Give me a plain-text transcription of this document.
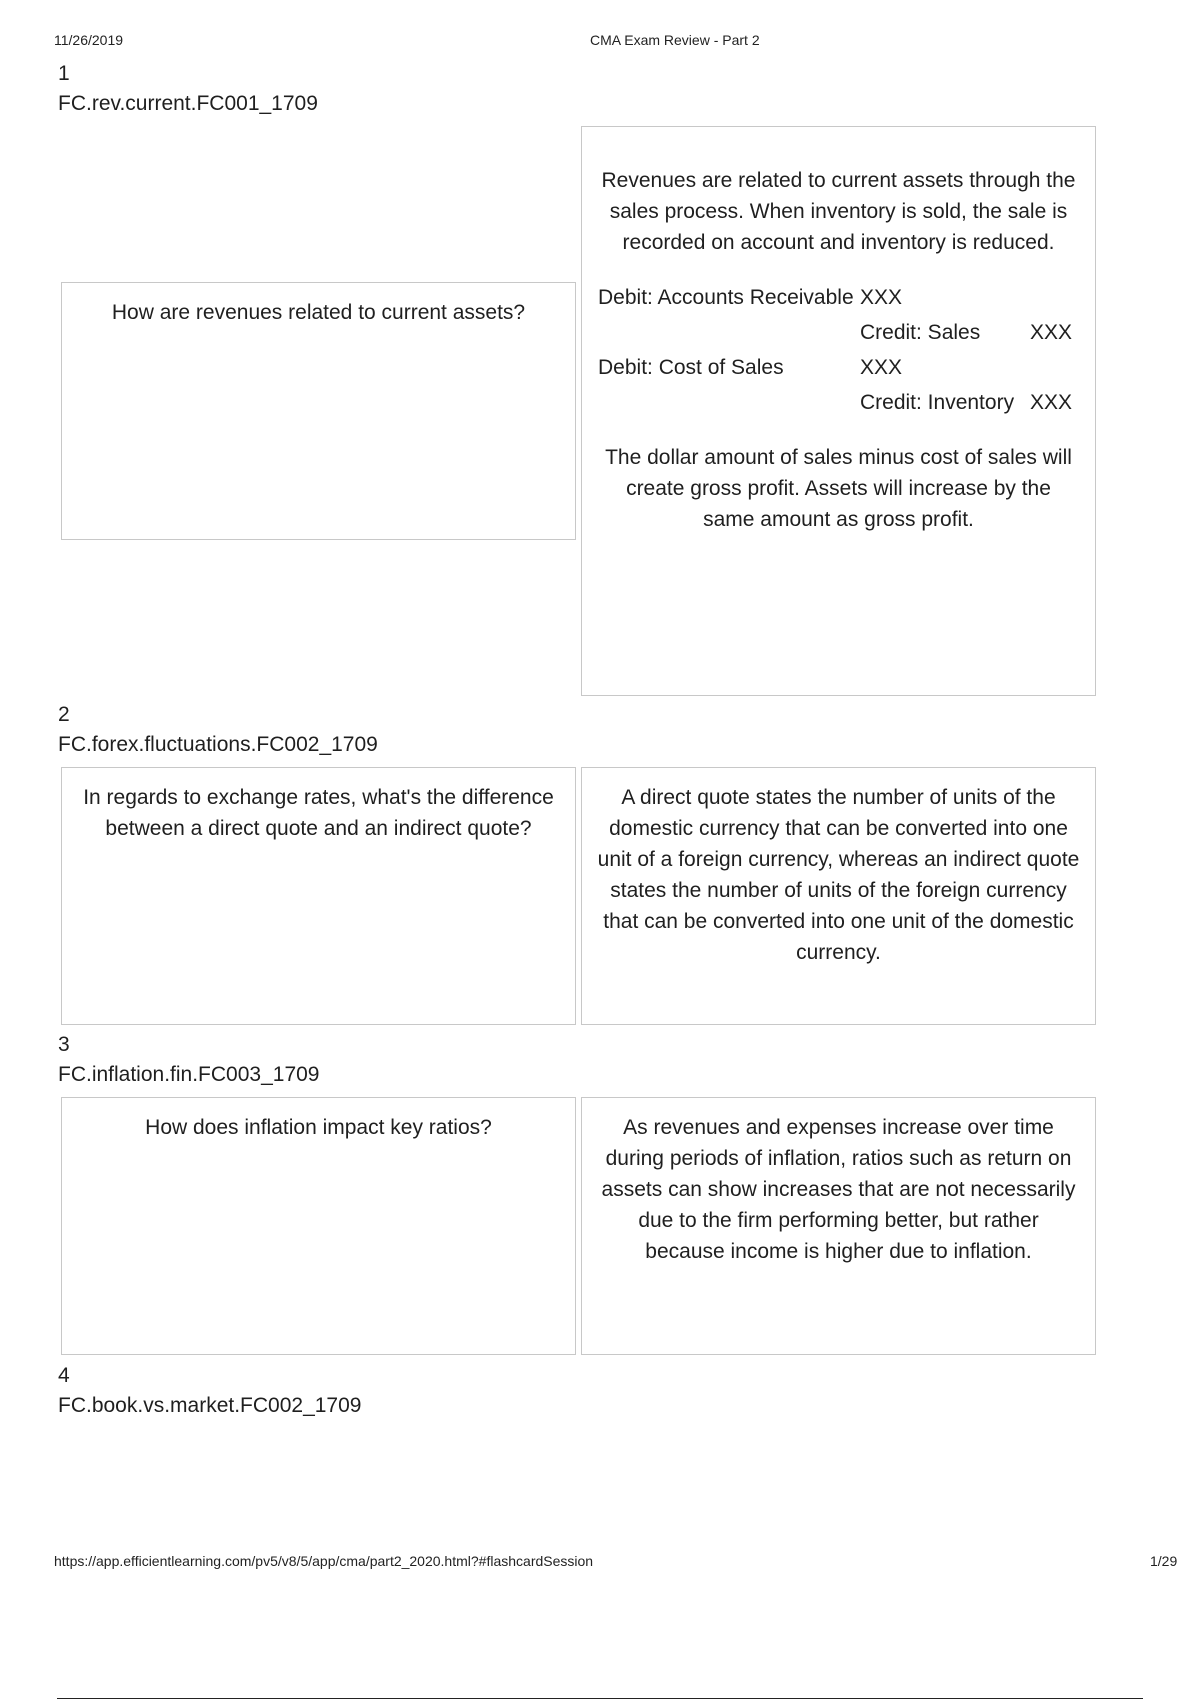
11/26/2019	CMA Exam Review - Part 2
1
FC.rev.current.FC001_1709

How are revenues related to current assets?

Revenues are related to current assets through the sales process. When inventory is sold, the sale is recorded on account and inventory is reduced.

Debit: Accounts Receivable	XXX	
	Credit: Sales	XXX
Debit: Cost of Sales	XXX	
	Credit: Inventory	XXX

The dollar amount of sales minus cost of sales will create gross profit. Assets will increase by the same amount as gross profit.

2
FC.forex.fluctuations.FC002_1709

In regards to exchange rates, what's the difference between a direct quote and an indirect quote?

A direct quote states the number of units of the domestic currency that can be converted into one unit of a foreign currency, whereas an indirect quote states the number of units of the foreign currency that can be converted into one unit of the domestic currency.

3
FC.inflation.fin.FC003_1709

How does inflation impact key ratios?	As revenues and expenses increase over time during periods of inflation, ratios such as return on assets can show increases that are not necessarily due to the firm performing better, but rather because income is higher due to inflation.

4
FC.book.vs.market.FC002_1709
https://app.efficientlearning.com/pv5/v8/5/app/cma/part2_2020.html?#flashcardSession	1/29
